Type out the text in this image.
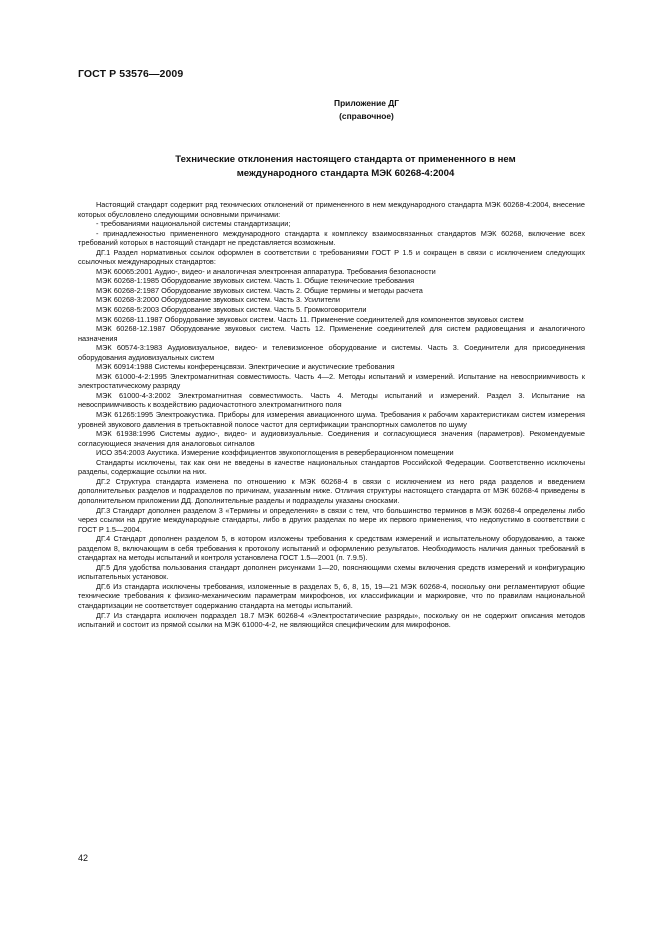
ГОСТ Р 53576—2009
Приложение ДГ
(справочное)
Технические отклонения настоящего стандарта от примененного в нем
международного стандарта МЭК 60268-4:2004

Настоящий стандарт содержит ряд технических отклонений от примененного в нем международного стандарта МЭК 60268-4:2004, внесение которых обусловлено следующими основными причинами:

- требованиями национальной системы стандартизации;

- принадлежностью примененного международного стандарта к комплексу взаимосвязанных стандартов МЭК 60268, включение всех требований которых в настоящий стандарт не представляется возможным.

ДГ.1 Раздел нормативных ссылок оформлен в соответствии с требованиями ГОСТ Р 1.5 и сокращен в связи с исключением следующих ссылочных международных стандартов:

МЭК 60065:2001 Аудио-, видео- и аналогичная электронная аппаратура. Требования безопасности

МЭК 60268-1:1985 Оборудование звуковых систем. Часть 1. Общие технические требования

МЭК 60268-2:1987 Оборудование звуковых систем. Часть 2. Общие термины и методы расчета

МЭК 60268-3:2000 Оборудование звуковых систем. Часть 3. Усилители

МЭК 60268-5:2003 Оборудование звуковых систем. Часть 5. Громкоговорители

МЭК 60268-11.1987 Оборудование звуковых систем. Часть 11. Применение соединителей для компонентов звуковых систем

МЭК 60268-12.1987 Оборудование звуковых систем. Часть 12. Применение соединителей для систем радиовещания и аналогичного назначения

МЭК 60574-3:1983 Аудиовизуальное, видео- и телевизионное оборудование и системы. Часть 3. Соединители для присоединения оборудования аудиовизуальных систем

МЭК 60914:1988 Системы конференцсвязи. Электрические и акустические требования

МЭК 61000-4-2:1995 Электромагнитная совместимость. Часть 4—2. Методы испытаний и измерений. Испытание на невосприимчивость к электростатическому разряду

МЭК 61000-4-3:2002 Электромагнитная совместимость. Часть 4. Методы испытаний и измерений. Раздел 3. Испытание на невосприимчивость к воздействию радиочастотного электромагнитного поля

МЭК 61265:1995 Электроакустика. Приборы для измерения авиационного шума. Требования к рабочим характеристикам систем измерения уровней звукового давления в третьоктавной полосе частот для сертификации транспортных самолетов по шуму

МЭК 61938:1996 Системы аудио-, видео- и аудиовизуальные. Соединения и согласующиеся значения (параметров). Рекомендуемые согласующиеся значения для аналоговых сигналов

ИСО 354:2003 Акустика. Измерение коэффициентов звукопоглощения в реверберационном помещении

Стандарты исключены, так как они не введены в качестве национальных стандартов Российской Федерации. Соответственно исключены разделы, содержащие ссылки на них.

ДГ.2 Структура стандарта изменена по отношению к МЭК 60268-4 в связи с исключением из него ряда разделов и введением дополнительных разделов и подразделов по причинам, указанным ниже. Отличия структуры настоящего стандарта от МЭК 60268-4 приведены в дополнительном приложении ДД. Дополнительные разделы и подразделы указаны сносками.

ДГ.3 Стандарт дополнен разделом 3 «Термины и определения» в связи с тем, что большинство терминов в МЭК 60268-4 определены либо через ссылки на другие международные стандарты, либо в других разделах по мере их первого применения, что недопустимо в соответствии с ГОСТ Р 1.5—2004.

ДГ.4 Стандарт дополнен разделом 5, в котором изложены требования к средствам измерений и испытательному оборудованию, а также разделом 8, включающим в себя требования к протоколу испытаний и оформлению результатов. Необходимость наличия данных требований в стандартах на методы испытаний и контроля установлена ГОСТ 1.5—2001 (п. 7.9.5).

ДГ.5 Для удобства пользования стандарт дополнен рисунками 1—20, поясняющими схемы включения средств измерений и конфигурацию испытательных установок.

ДГ.6 Из стандарта исключены требования, изложенные в разделах 5, 6, 8, 15, 19—21 МЭК 60268-4, поскольку они регламентируют общие технические требования к физико-механическим параметрам микрофонов, их классификации и маркировке, что по правилам национальной стандартизации не соответствует содержанию стандарта на методы испытаний.

ДГ.7 Из стандарта исключен подраздел 18.7 МЭК 60268-4 «Электростатические разряды», поскольку он не содержит описания методов испытаний и состоит из прямой ссылки на МЭК 61000-4-2, не являющийся специфическим для микрофонов.

42
